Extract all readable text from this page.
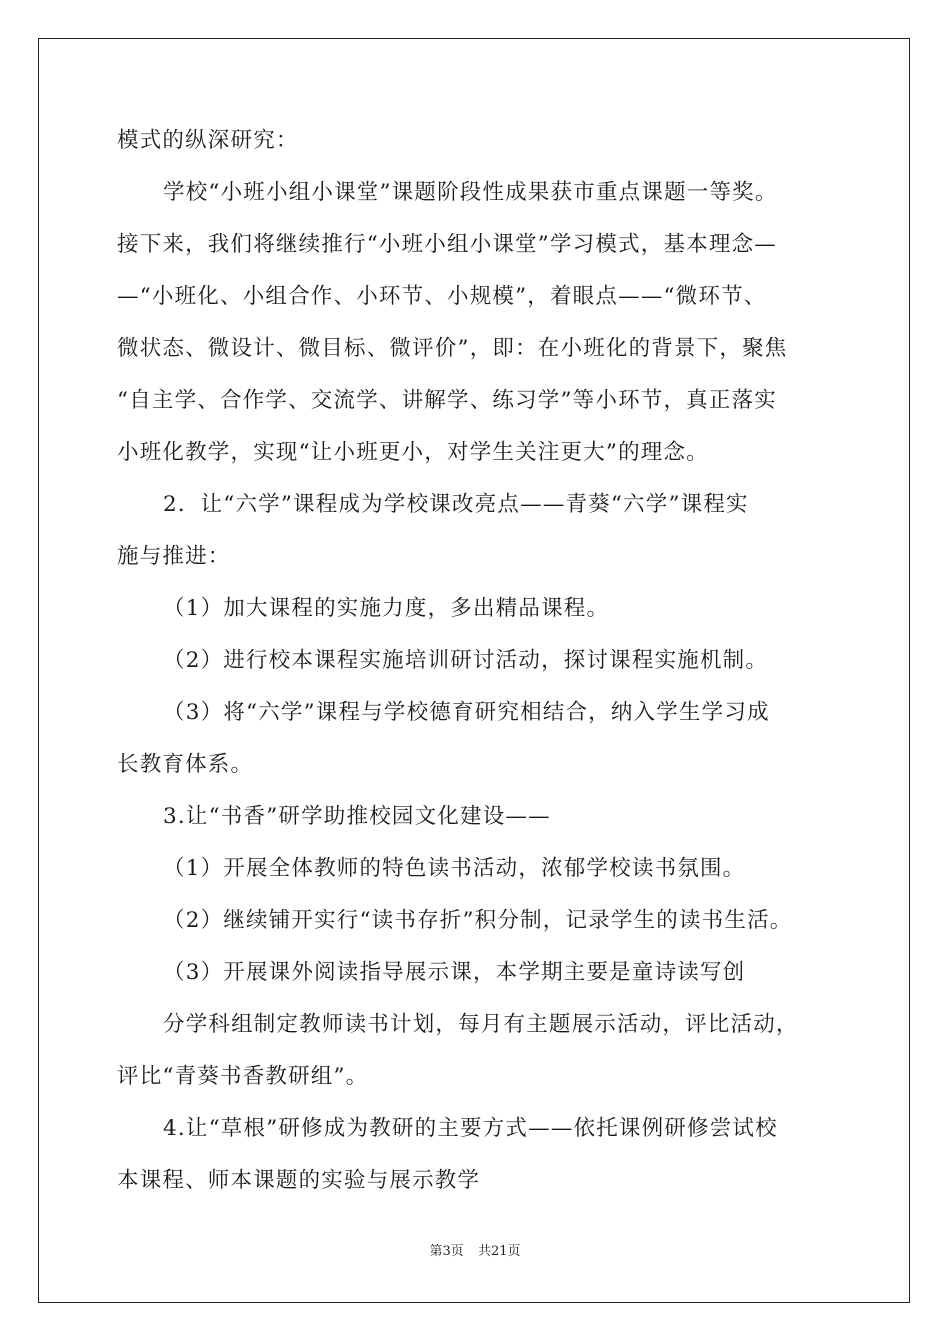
模式的纵深研究：
学校“小班小组小课堂”课题阶段性成果获市重点课题一等奖。
接下来，我们将继续推行“小班小组小课堂”学习模式，基本理念—
—“小班化、小组合作、小环节、小规模”，着眼点——“微环节、
微状态、微设计、微目标、微评价”，即：在小班化的背景下，聚焦
“自主学、合作学、交流学、讲解学、练习学”等小环节，真正落实
小班化教学，实现“让小班更小，对学生关注更大”的理念。
2．让“六学”课程成为学校课改亮点——青葵“六学”课程实
施与推进：
（1）加大课程的实施力度，多出精品课程。
（2）进行校本课程实施培训研讨活动，探讨课程实施机制。
（3）将“六学”课程与学校德育研究相结合，纳入学生学习成
长教育体系。
3.让“书香”研学助推校园文化建设——
（1）开展全体教师的特色读书活动，浓郁学校读书氛围。
（2）继续铺开实行“读书存折”积分制，记录学生的读书生活。
（3）开展课外阅读指导展示课，本学期主要是童诗读写创
分学科组制定教师读书计划，每月有主题展示活动，评比活动，
评比“青葵书香教研组”。
4.让“草根”研修成为教研的主要方式——依托课例研修尝试校
本课程、师本课题的实验与展示教学
第3页 共21页
